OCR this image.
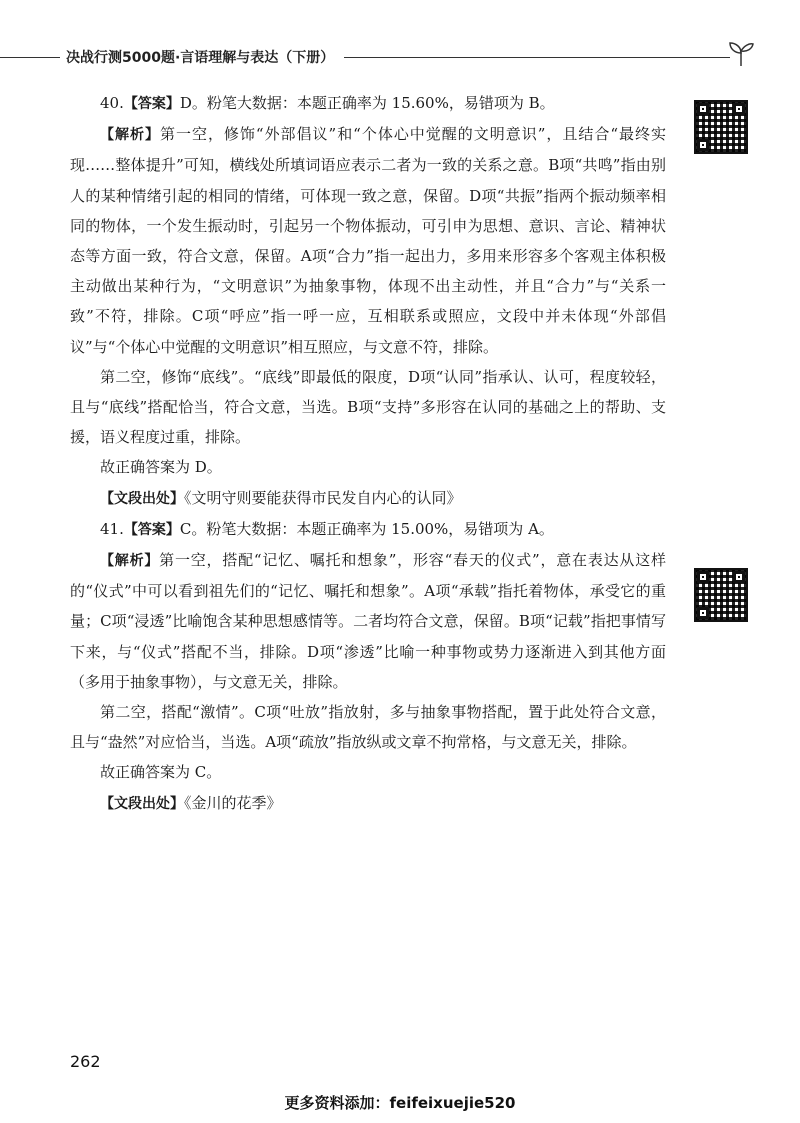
决战行测5000题·言语理解与表达（下册）

40.【答案】D。粉笔大数据：本题正确率为 15.60%，易错项为 B。

【解析】第一空，修饰“外部倡议”和“个体心中觉醒的文明意识”，且结合“最终实现……整体提升”可知，横线处所填词语应表示二者为一致的关系之意。B项“共鸣”指由别人的某种情绪引起的相同的情绪，可体现一致之意，保留。D项“共振”指两个振动频率相同的物体，一个发生振动时，引起另一个物体振动，可引申为思想、意识、言论、精神状态等方面一致，符合文意，保留。A项“合力”指一起出力，多用来形容多个客观主体积极主动做出某种行为，“文明意识”为抽象事物，体现不出主动性，并且“合力”与“关系一致”不符，排除。C项“呼应”指一呼一应，互相联系或照应，文段中并未体现“外部倡议”与“个体心中觉醒的文明意识”相互照应，与文意不符，排除。

第二空，修饰“底线”。“底线”即最低的限度，D项“认同”指承认、认可，程度较轻，且与“底线”搭配恰当，符合文意，当选。B项“支持”多形容在认同的基础之上的帮助、支援，语义程度过重，排除。

故正确答案为 D。

【文段出处】《文明守则要能获得市民发自内心的认同》

41.【答案】C。粉笔大数据：本题正确率为 15.00%，易错项为 A。

【解析】第一空，搭配“记忆、嘱托和想象”，形容“春天的仪式”，意在表达从这样的“仪式”中可以看到祖先们的“记忆、嘱托和想象”。A项“承载”指托着物体，承受它的重量；C项“浸透”比喻饱含某种思想感情等。二者均符合文意，保留。B项“记载”指把事情写下来，与“仪式”搭配不当，排除。D项“渗透”比喻一种事物或势力逐渐进入到其他方面（多用于抽象事物），与文意无关，排除。

第二空，搭配“激情”。C项“吐放”指放射，多与抽象事物搭配，置于此处符合文意，且与“盎然”对应恰当，当选。A项“疏放”指放纵或文章不拘常格，与文意无关，排除。

故正确答案为 C。

【文段出处】《金川的花季》

262
更多资料添加：feifeixuejie520
